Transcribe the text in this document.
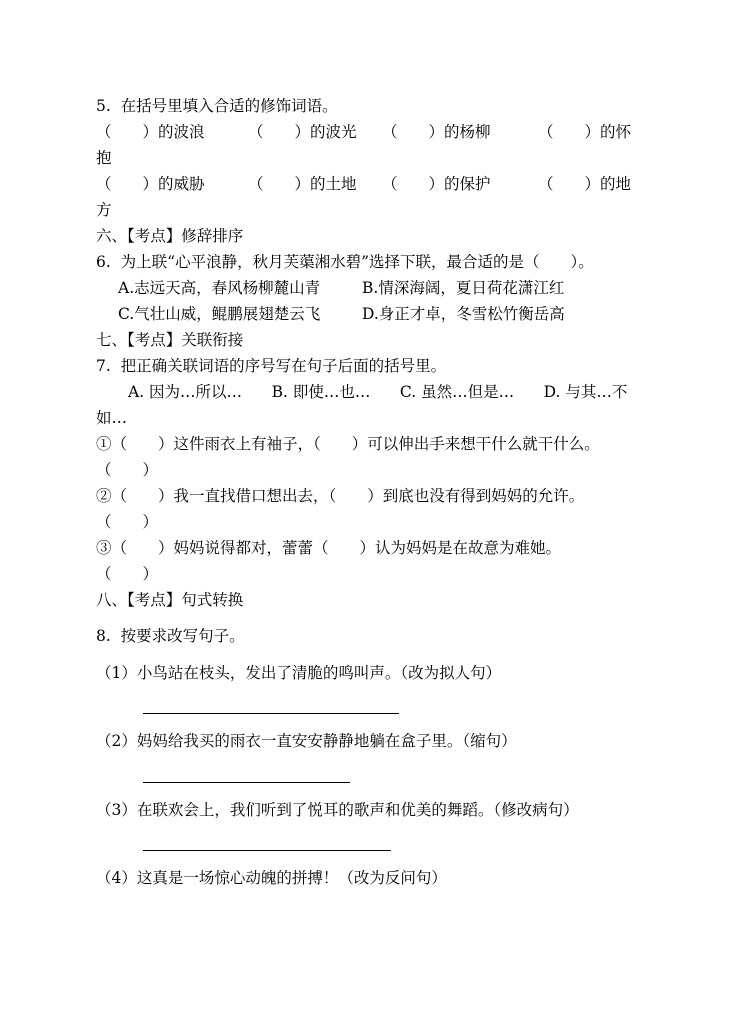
5.  在括号里填入合适的修饰词语。
（　　）的波浪	（　　）的波光 （　　）的杨柳	（　　）的怀
抱
（　　）的威胁	（　　）的土地 （　　）的保护	（　　）的地
方
六、【考点】修辞排序
6.  为上联“心平浪静，秋月芙蕖湘水碧”选择下联，最合适的是（　　）。
A.志远天高，春风杨柳麓山青	B.情深海阔，夏日荷花潇江红
C.气壮山威，鲲鹏展翅楚云飞	D.身正才卓，冬雪松竹衡岳高
七、【考点】关联衔接
7.  把正确关联词语的序号写在句子后面的括号里。
A. 因为…所以…      B. 即使…也…      C. 虽然…但是…      D. 与其…不
如…
①（　　）这件雨衣上有袖子，（　　）可以伸出手来想干什么就干什么。
（　　）
②（　　）我一直找借口想出去，（　　）到底也没有得到妈妈的允许。
（　　）
③（　　）妈妈说得都对，蕾蕾（　　）认为妈妈是在故意为难她。
（　　）
八、【考点】句式转换
8.  按要求改写句子。
（1）小鸟站在枝头，发出了清脆的鸣叫声。（改为拟人句）
（2）妈妈给我买的雨衣一直安安静静地躺在盒子里。（缩句）
（3）在联欢会上，我们听到了悦耳的歌声和优美的舞蹈。（修改病句）
（4）这真是一场惊心动魄的拼搏！（改为反问句）
